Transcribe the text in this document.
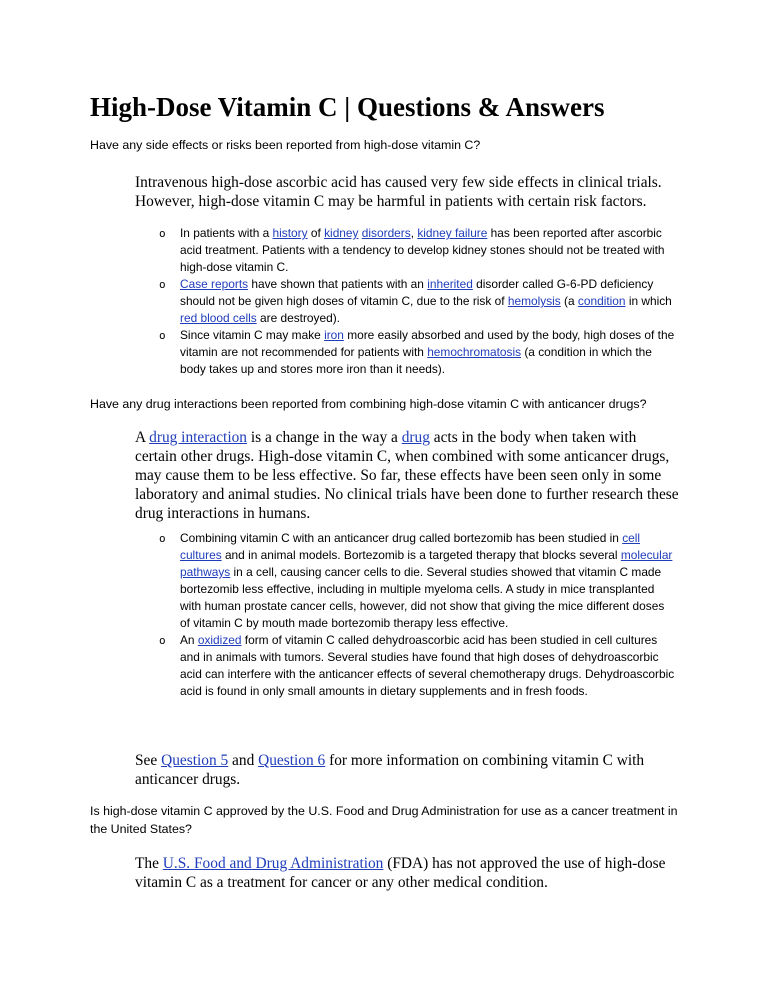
High-Dose Vitamin C | Questions & Answers

Have any side effects or risks been reported from high-dose vitamin C?

Intravenous high-dose ascorbic acid has caused very few side effects in clinical trials. However, high-dose vitamin C may be harmful in patients with certain risk factors.

o In patients with a history of kidney disorders, kidney failure has been reported after ascorbic acid treatment. Patients with a tendency to develop kidney stones should not be treated with high-dose vitamin C.
o Case reports have shown that patients with an inherited disorder called G-6-PD deficiency should not be given high doses of vitamin C, due to the risk of hemolysis (a condition in which red blood cells are destroyed).
o Since vitamin C may make iron more easily absorbed and used by the body, high doses of the vitamin are not recommended for patients with hemochromatosis (a condition in which the body takes up and stores more iron than it needs).

Have any drug interactions been reported from combining high-dose vitamin C with anticancer drugs?

A drug interaction is a change in the way a drug acts in the body when taken with certain other drugs. High-dose vitamin C, when combined with some anticancer drugs, may cause them to be less effective. So far, these effects have been seen only in some laboratory and animal studies. No clinical trials have been done to further research these drug interactions in humans.

o Combining vitamin C with an anticancer drug called bortezomib has been studied in cell cultures and in animal models. Bortezomib is a targeted therapy that blocks several molecular pathways in a cell, causing cancer cells to die. Several studies showed that vitamin C made bortezomib less effective, including in multiple myeloma cells. A study in mice transplanted with human prostate cancer cells, however, did not show that giving the mice different doses of vitamin C by mouth made bortezomib therapy less effective.
o An oxidized form of vitamin C called dehydroascorbic acid has been studied in cell cultures and in animals with tumors. Several studies have found that high doses of dehydroascorbic acid can interfere with the anticancer effects of several chemotherapy drugs. Dehydroascorbic acid is found in only small amounts in dietary supplements and in fresh foods.

See Question 5 and Question 6 for more information on combining vitamin C with anticancer drugs.

Is high-dose vitamin C approved by the U.S. Food and Drug Administration for use as a cancer treatment in the United States?

The U.S. Food and Drug Administration (FDA) has not approved the use of high-dose vitamin C as a treatment for cancer or any other medical condition.
